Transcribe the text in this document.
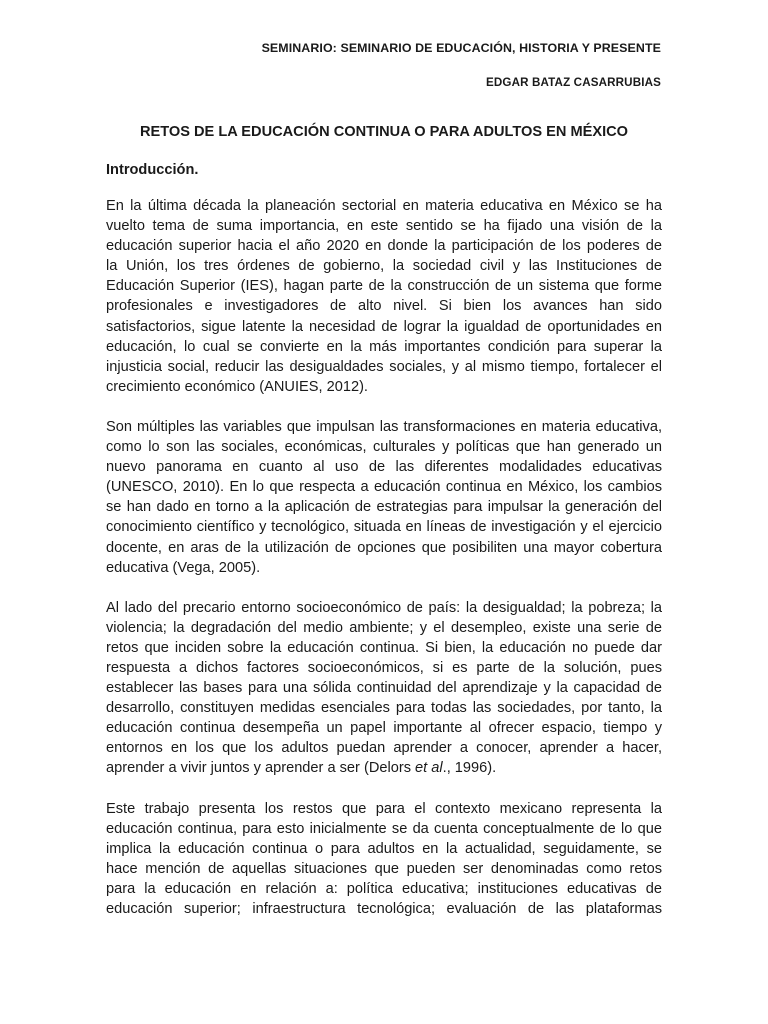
SEMINARIO: SEMINARIO DE EDUCACIÓN, HISTORIA Y PRESENTE
EDGAR BATAZ CASARRUBIAS
RETOS DE LA EDUCACIÓN CONTINUA O PARA ADULTOS EN MÉXICO
Introducción.

En la última década la planeación sectorial en materia educativa en México se ha
vuelto tema de suma importancia, en este sentido se ha fijado una visión de la
educación superior hacia el año 2020 en donde la participación de los poderes de
la Unión, los tres órdenes de gobierno, la sociedad civil y las Instituciones de
Educación Superior (IES), hagan parte de la construcción de un sistema que forme
profesionales e investigadores de alto nivel. Si bien los avances han sido
satisfactorios, sigue latente la necesidad de lograr la igualdad de oportunidades en
educación, lo cual se convierte en la más importantes condición para superar la
injusticia social, reducir las desigualdades sociales, y al mismo tiempo, fortalecer el
crecimiento económico (ANUIES, 2012).

Son múltiples las variables que impulsan las transformaciones en materia educativa,
como lo son las sociales, económicas, culturales y políticas que han generado un
nuevo panorama en cuanto al uso de las diferentes modalidades educativas
(UNESCO, 2010). En lo que respecta a educación continua en México, los cambios
se han dado en torno a la aplicación de estrategias para impulsar la generación del
conocimiento científico y tecnológico, situada en líneas de investigación y el ejercicio
docente, en aras de la utilización de opciones que posibiliten una mayor cobertura
educativa (Vega, 2005).

Al lado del precario entorno socioeconómico de país: la desigualdad; la pobreza; la
violencia; la degradación del medio ambiente; y el desempleo, existe una serie de
retos que inciden sobre la educación continua. Si bien, la educación no puede dar
respuesta a dichos factores socioeconómicos, si es parte de la solución, pues
establecer las bases para una sólida continuidad del aprendizaje y la capacidad de
desarrollo, constituyen medidas esenciales para todas las sociedades, por tanto, la
educación continua desempeña un papel importante al ofrecer espacio, tiempo y
entornos en los que los adultos puedan aprender a conocer, aprender a hacer,
aprender a vivir juntos y aprender a ser (Delors et al., 1996).

Este trabajo presenta los restos que para el contexto mexicano representa la
educación continua, para esto inicialmente se da cuenta conceptualmente de lo que
implica la educación continua o para adultos en la actualidad, seguidamente, se
hace mención de aquellas situaciones que pueden ser denominadas como retos
para la educación en relación a: política educativa; instituciones educativas de
educación superior; infraestructura tecnológica; evaluación de las plataformas
